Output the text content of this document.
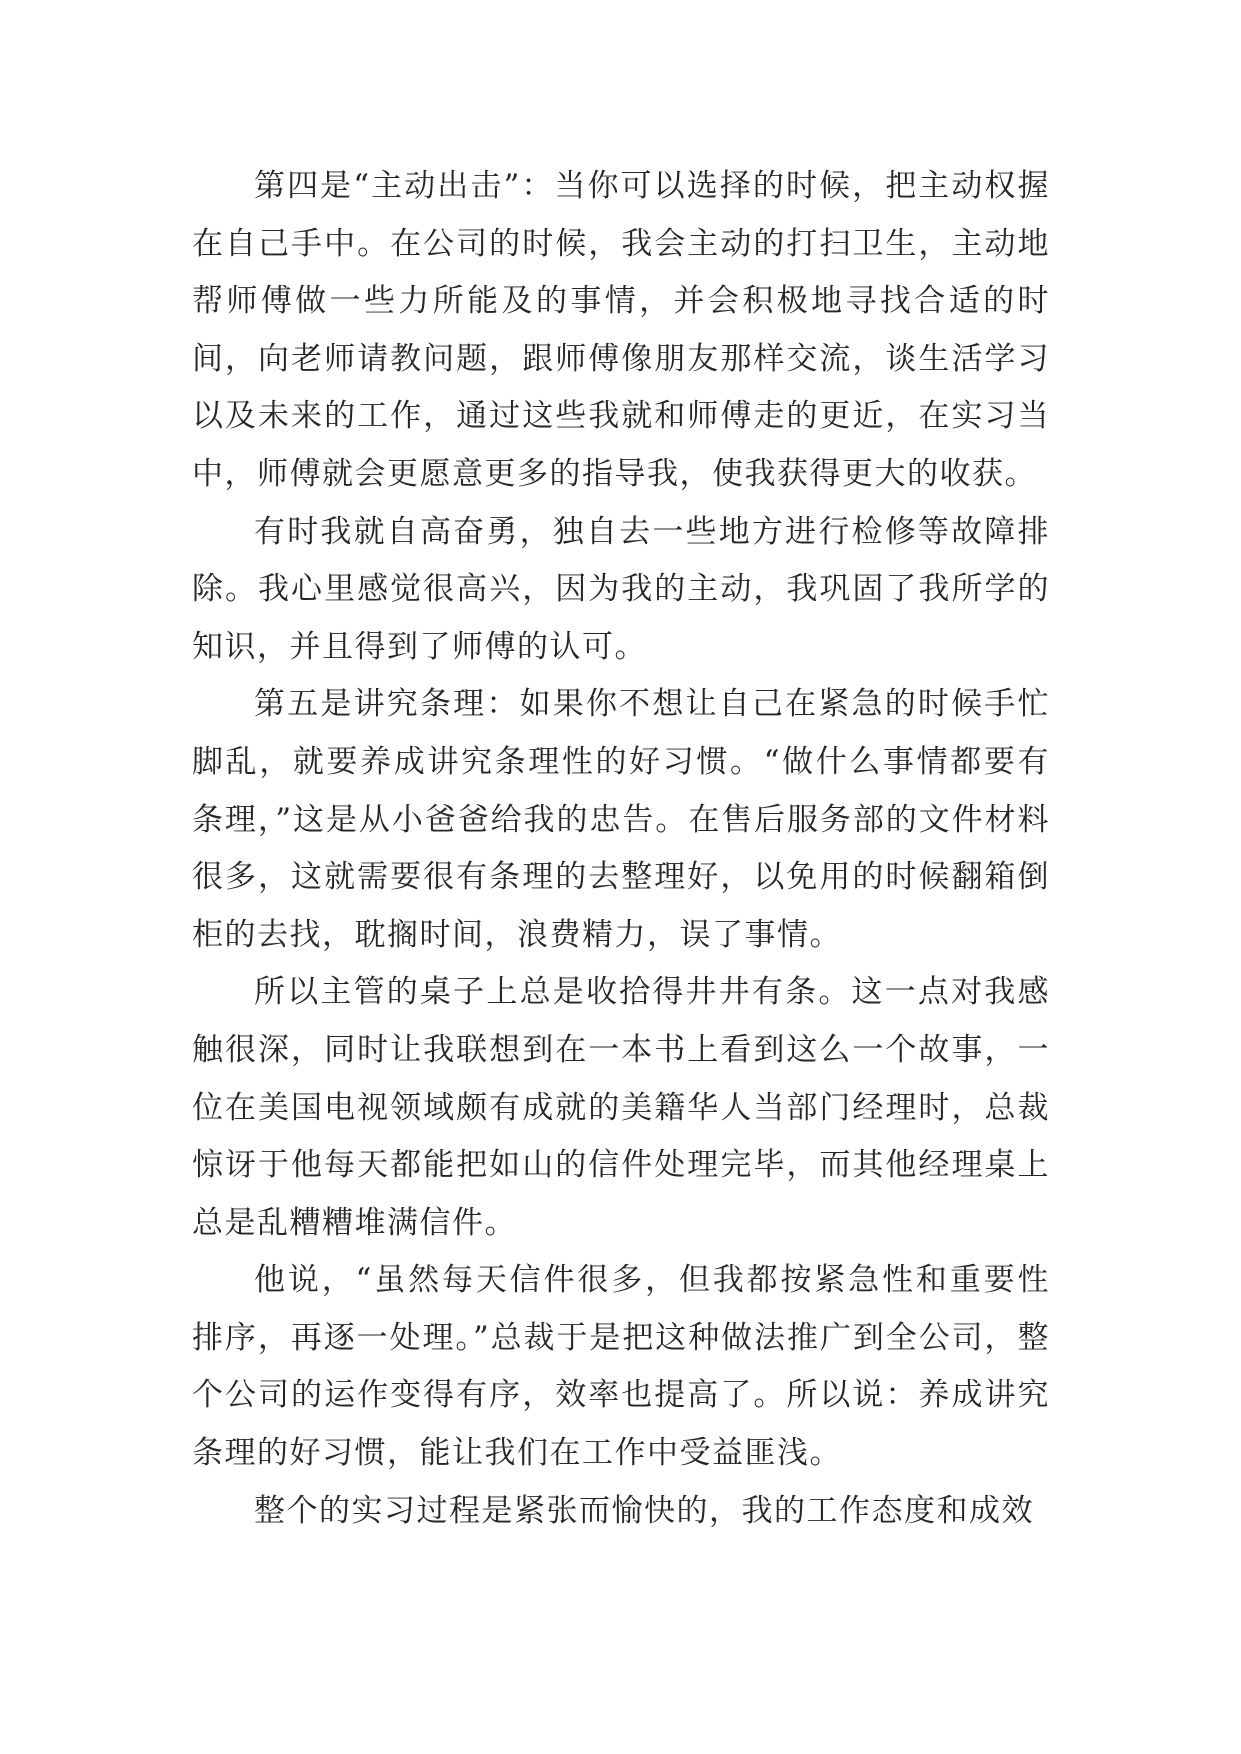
第四是“主动出击”：当你可以选择的时候，把主动权握在自己手中。在公司的时候，我会主动的打扫卫生，主动地帮师傅做一些力所能及的事情，并会积极地寻找合适的时间，向老师请教问题，跟师傅像朋友那样交流，谈生活学习以及未来的工作，通过这些我就和师傅走的更近，在实习当中，师傅就会更愿意更多的指导我，使我获得更大的收获。

有时我就自高奋勇，独自去一些地方进行检修等故障排除。我心里感觉很高兴，因为我的主动，我巩固了我所学的知识，并且得到了师傅的认可。

第五是讲究条理：如果你不想让自己在紧急的时候手忙脚乱，就要养成讲究条理性的好习惯。“做什么事情都要有条理，”这是从小爸爸给我的忠告。在售后服务部的文件材料很多，这就需要很有条理的去整理好，以免用的时候翻箱倒柜的去找，耽搁时间，浪费精力，误了事情。

所以主管的桌子上总是收拾得井井有条。这一点对我感触很深，同时让我联想到在一本书上看到这么一个故事，一位在美国电视领域颇有成就的美籍华人当部门经理时，总裁惊讶于他每天都能把如山的信件处理完毕，而其他经理桌上总是乱糟糟堆满信件。

他说，“虽然每天信件很多，但我都按紧急性和重要性排序，再逐一处理。”总裁于是把这种做法推广到全公司，整个公司的运作变得有序，效率也提高了。所以说：养成讲究条理的好习惯，能让我们在工作中受益匪浅。

整个的实习过程是紧张而愉快的，我的工作态度和成效
